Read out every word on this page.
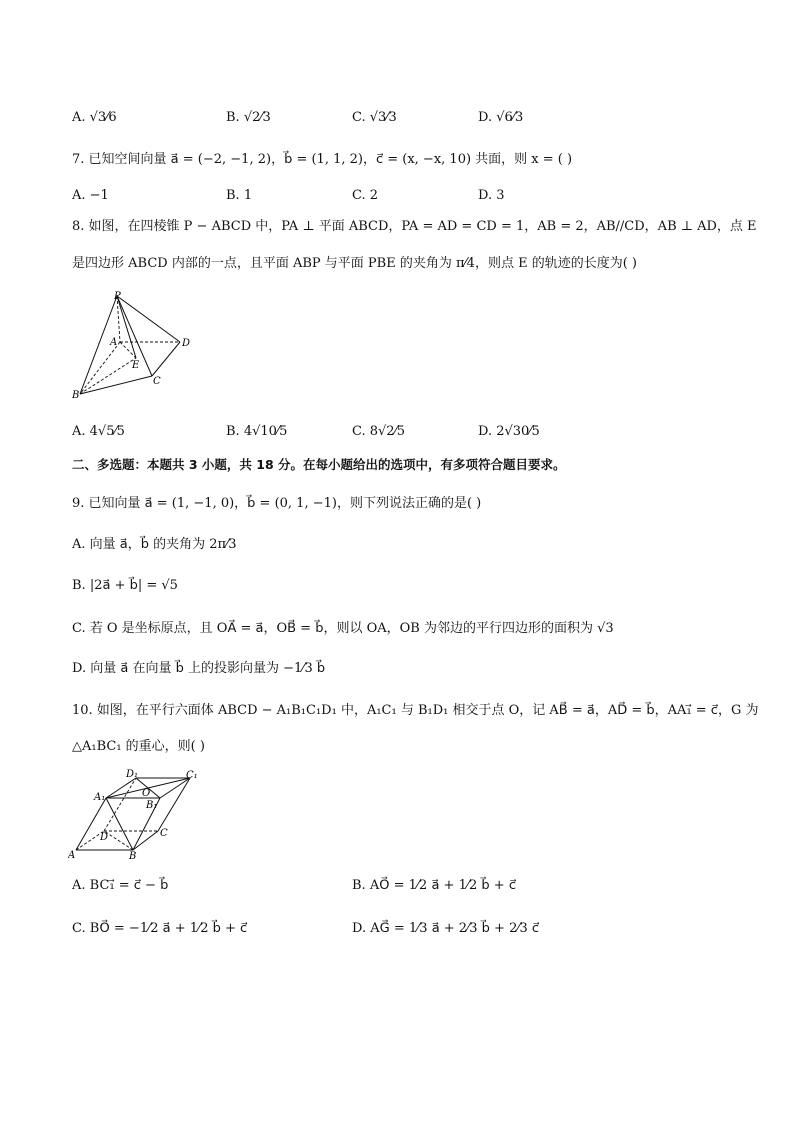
A. √3⁄6	B. √2⁄3	C. √3⁄3	D. √6⁄3
7. 已知空间向量 a⃗ = (−2, −1, 2)，b⃗ = (1, 1, 2)，c⃗ = (x, −x, 10) 共面，则 x = ( )
A. −1	B. 1	C. 2	D. 3
8. 如图，在四棱锥 P − ABCD 中，PA ⊥ 平面 ABCD，PA = AD = CD = 1，AB = 2，AB//CD，AB ⊥ AD，点 E
是四边形 ABCD 内部的一点，且平面 ABP 与平面 PBE 的夹角为 π⁄4，则点 E 的轨迹的长度为( )
P
A
B
C
D
E
A. 4√5⁄5	B. 4√10⁄5	C. 8√2⁄5	D. 2√30⁄5
二、多选题：本题共 3 小题，共 18 分。在每小题给出的选项中，有多项符合题目要求。
9. 已知向量 a⃗ = (1, −1, 0)，b⃗ = (0, 1, −1)，则下列说法正确的是( )
A. 向量 a⃗，b⃗ 的夹角为 2π⁄3
B. |2a⃗ + b⃗| = √5
C. 若 O 是坐标原点，且 OA⃗ = a⃗，OB⃗ = b⃗，则以 OA，OB 为邻边的平行四边形的面积为 √3
D. 向量 a⃗ 在向量 b⃗ 上的投影向量为 −1⁄3 b⃗
10. 如图，在平行六面体 ABCD − A₁B₁C₁D₁ 中，A₁C₁ 与 B₁D₁ 相交于点 O，记 AB⃗ = a⃗，AD⃗ = b⃗，AA₁⃗ = c⃗，G 为
△A₁BC₁ 的重心，则( )
A	B
C
D
A₁
B₁
C₁
D₁
O
A. BC₁⃗ = c⃗ − b⃗	B. AO⃗ = 1⁄2 a⃗ + 1⁄2 b⃗ + c⃗
C. BO⃗ = −1⁄2 a⃗ + 1⁄2 b⃗ + c⃗	D. AG⃗ = 1⁄3 a⃗ + 2⁄3 b⃗ + 2⁄3 c⃗
